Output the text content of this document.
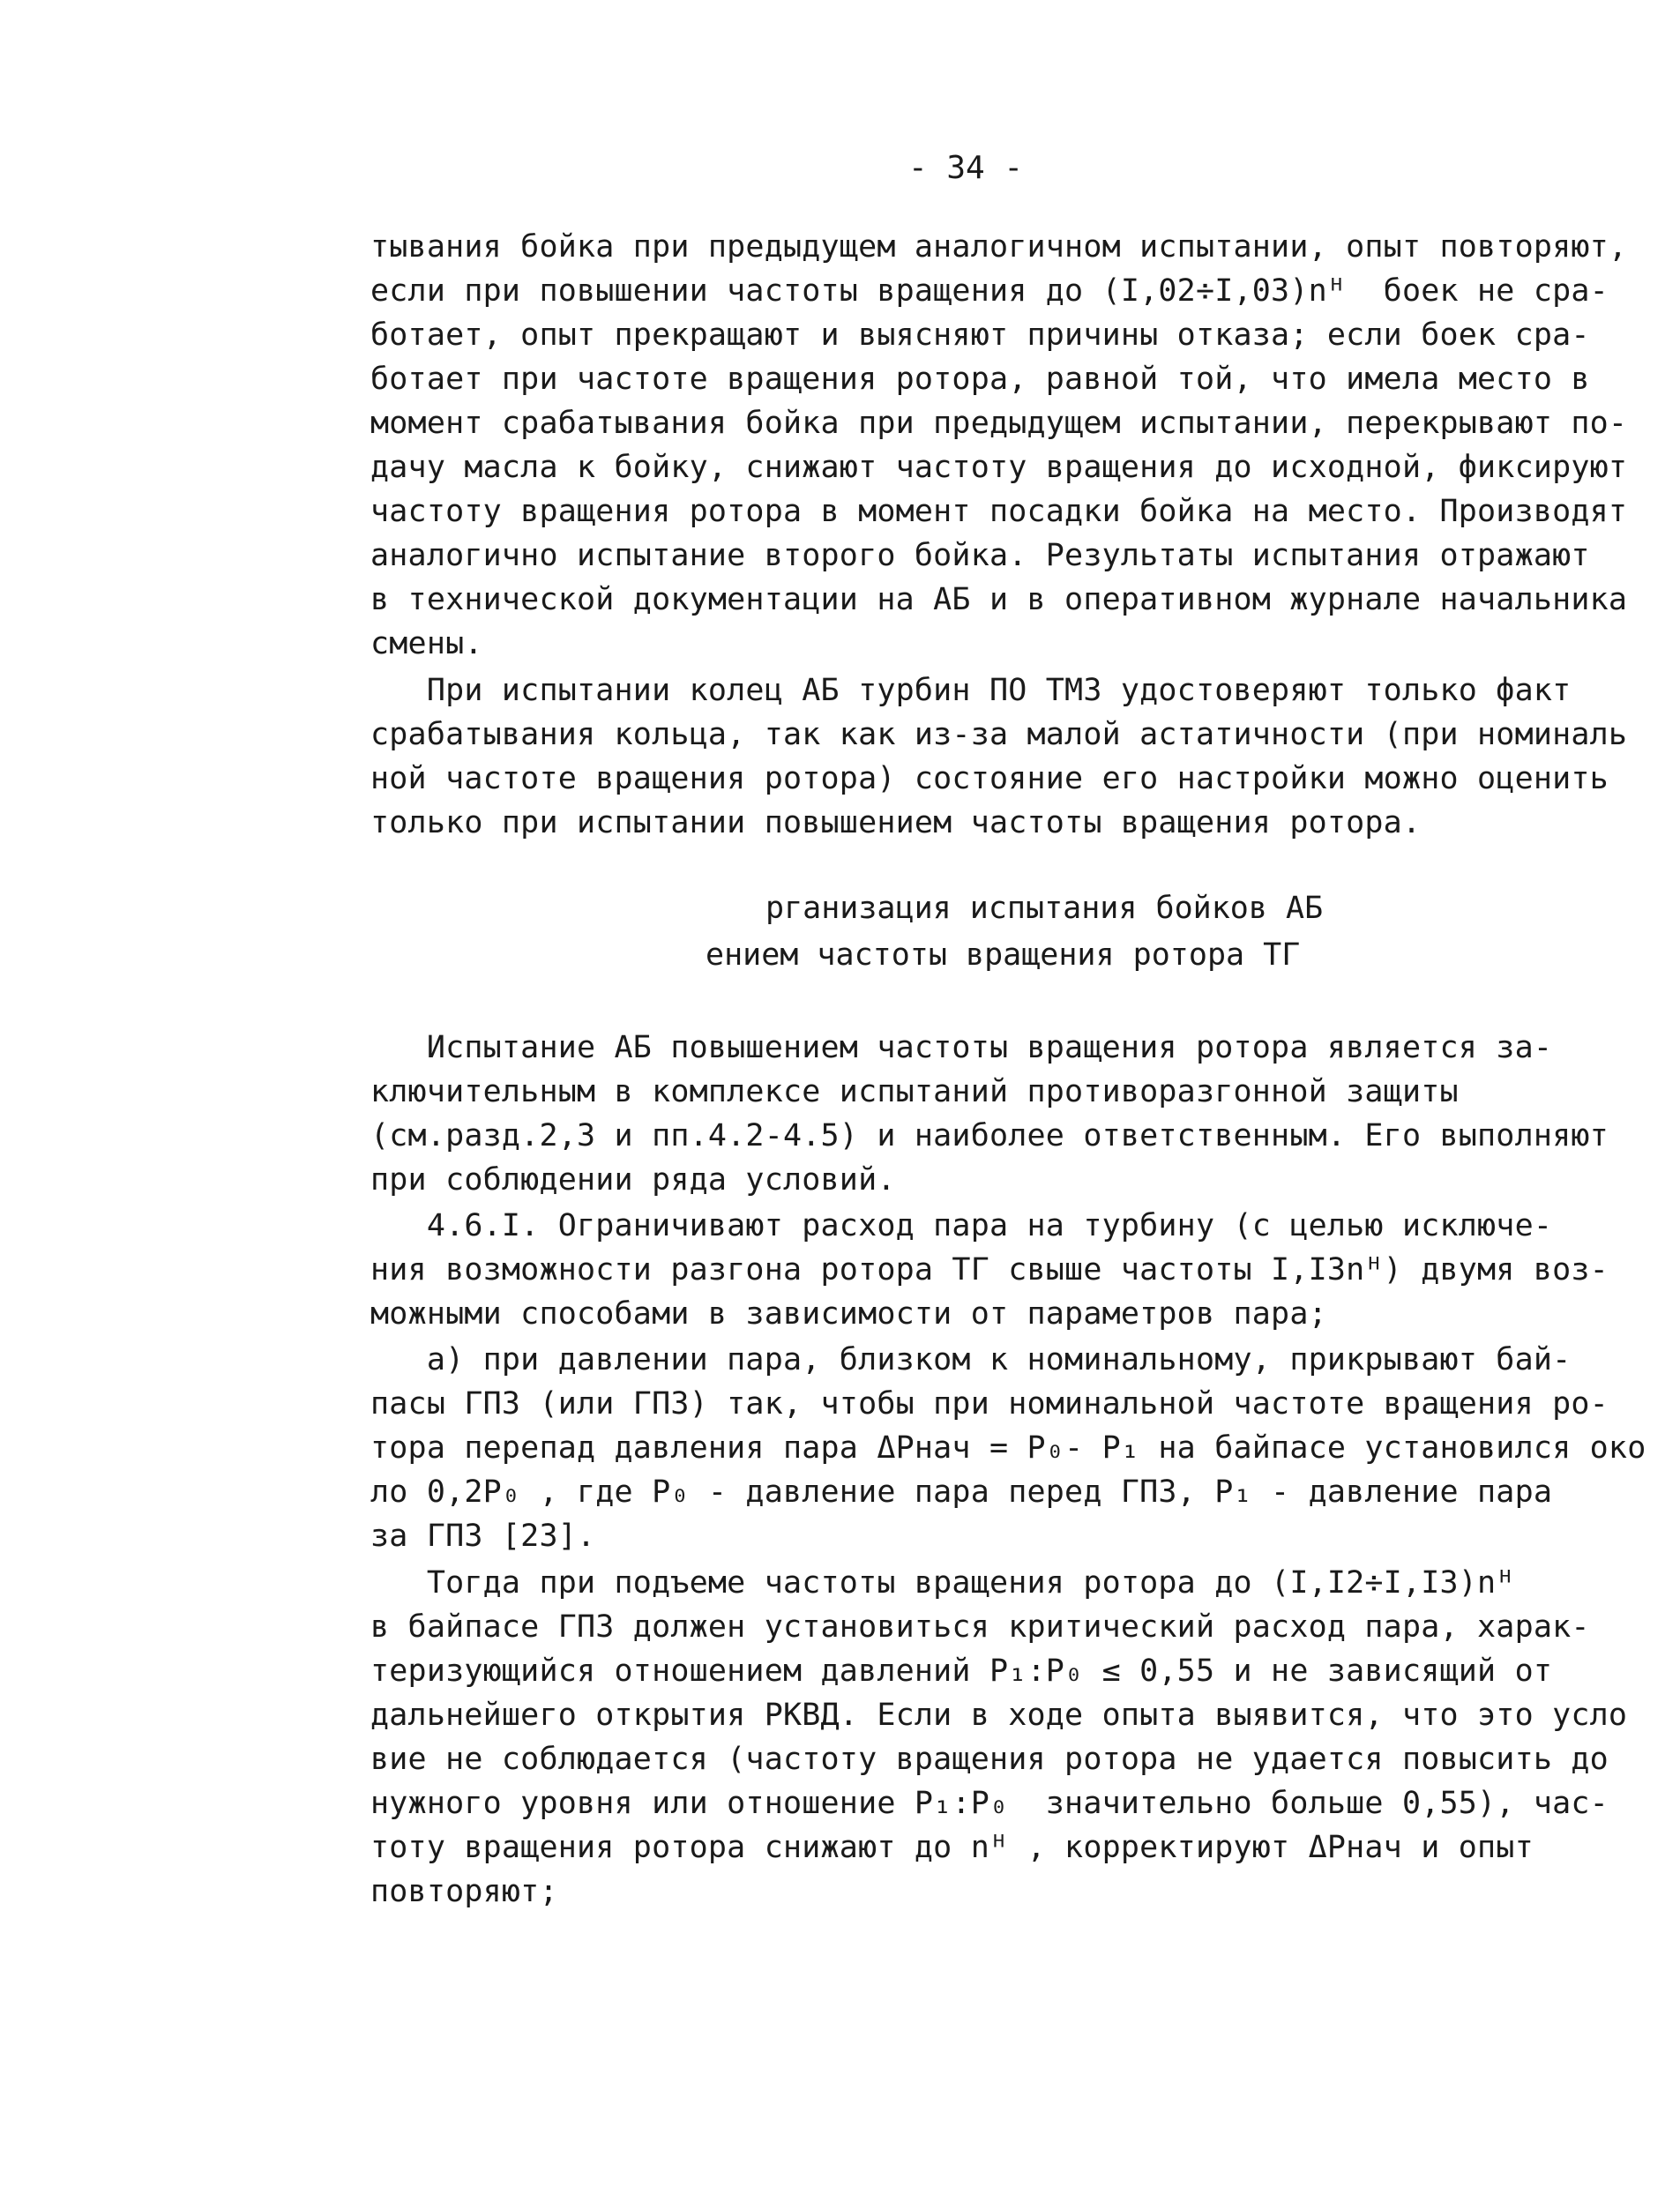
- 34 -
тывания бойка при предыдущем аналогичном испытании, опыт повторяют,
если при повышении частоты вращения до (I,02÷I,03)nᴴ  боек не сра-
ботает, опыт прекращают и выясняют причины отказа; если боек сра-
ботает при частоте вращения ротора, равной той, что имела место в
момент срабатывания бойка при предыдущем испытании, перекрывают по-
дачу масла к бойку, снижают частоту вращения до исходной, фиксируют
частоту вращения ротора в момент посадки бойка на место. Производят
аналогично испытание второго бойка. Результаты испытания отражают
в технической документации на АБ и в оперативном журнале начальника
смены.
При испытании колец АБ турбин ПО ТМЗ удостоверяют только факт
срабатывания кольца, так как из-за малой астатичности (при номиналь
ной частоте вращения ротора) состояние его настройки можно оценить
только при испытании повышением частоты вращения ротора.
рганизация испытания бойков АБ
ением частоты вращения ротора ТГ
Испытание АБ повышением частоты вращения ротора является за-
ключительным в комплексе испытаний противоразгонной защиты
(см.разд.2,3 и пп.4.2-4.5) и наиболее ответственным. Его выполняют
при соблюдении ряда условий.
4.6.I. Ограничивают расход пара на турбину (с целью исключе-
ния возможности разгона ротора ТГ свыше частоты I,I3nᴴ) двумя воз-
можными способами в зависимости от параметров пара;
а) при давлении пара, близком к номинальному, прикрывают бай-
пасы ГПЗ (или ГПЗ) так, чтобы при номинальной частоте вращения ро-
тора перепад давления пара ΔPнач = P₀- P₁ на байпасе установился око
ло 0,2P₀ , где P₀ - давление пара перед ГПЗ, P₁ - давление пара
за ГПЗ [23].
Тогда при подъеме частоты вращения ротора до (I,I2÷I,I3)nᴴ
в байпасе ГПЗ должен установиться критический расход пара, харак-
теризующийся отношением давлений P₁:P₀ ≤ 0,55 и не зависящий от
дальнейшего открытия РКВД. Если в ходе опыта выявится, что это усло
вие не соблюдается (частоту вращения ротора не удается повысить до
нужного уровня или отношение P₁:P₀  значительно больше 0,55), час-
тоту вращения ротора снижают до nᴴ , корректируют ΔPнач и опыт
повторяют;
